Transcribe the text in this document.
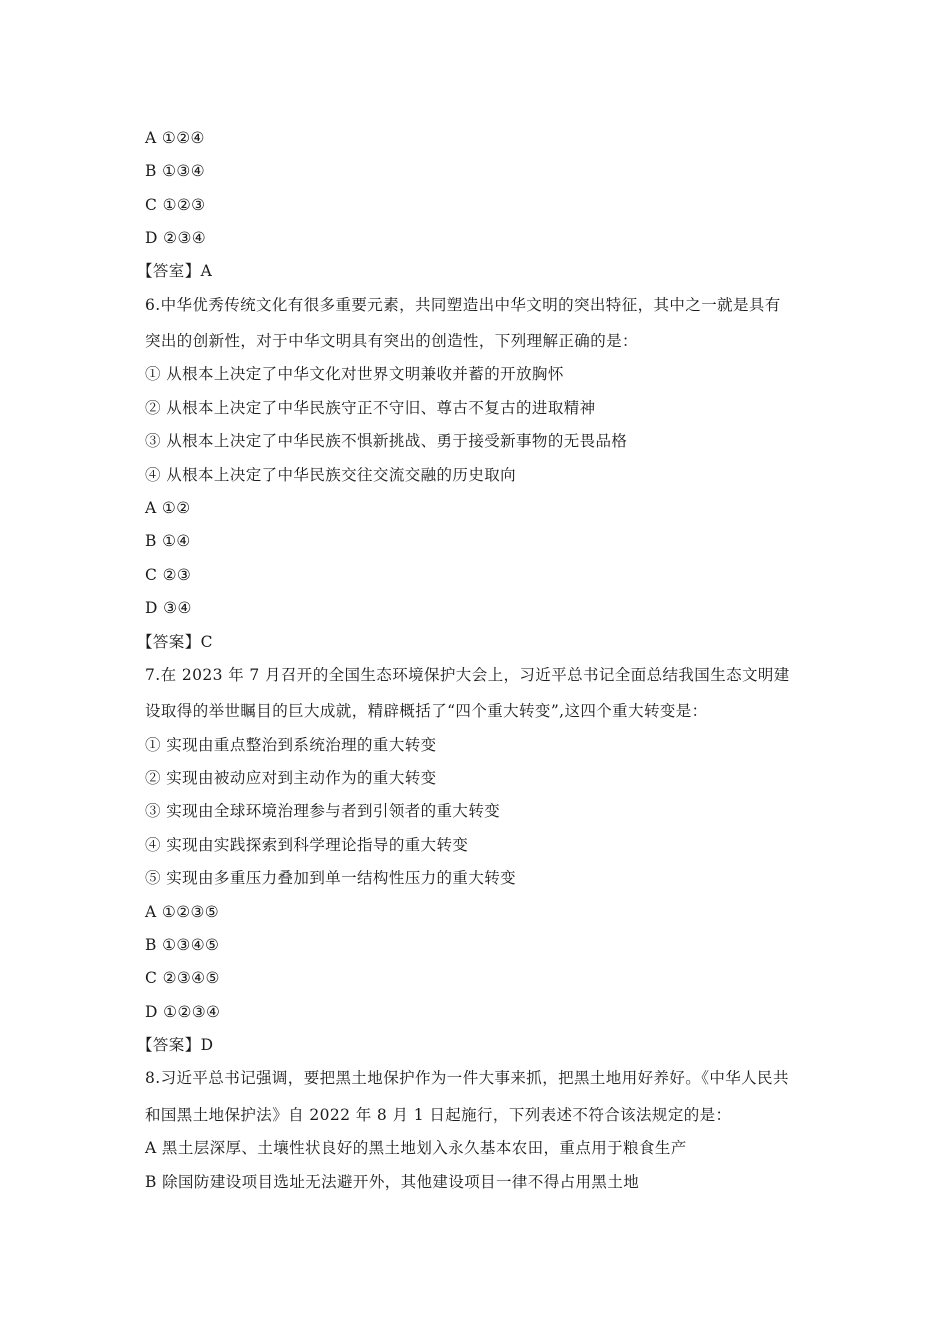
A ①②④
B ①③④
C ①②③
D ②③④
【答室】A
6.中华优秀传统文化有很多重要元素，共同塑造出中华文明的突出特征，其中之一就是具有
突出的创新性，对于中华文明具有突出的创造性，下列理解正确的是：
① 从根本上决定了中华文化对世界文明兼收并蓄的开放胸怀
② 从根本上决定了中华民族守正不守旧、尊古不复古的进取精神
③ 从根本上决定了中华民族不惧新挑战、勇于接受新事物的无畏品格
④ 从根本上决定了中华民族交往交流交融的历史取向
A ①②
B ①④
C ②③
D ③④
【答案】C
7.在 2023 年 7 月召开的全国生态环境保护大会上，习近平总书记全面总结我国生态文明建
设取得的举世瞩目的巨大成就，精辟概括了“四个重大转变”,这四个重大转变是：
① 实现由重点整治到系统治理的重大转变
② 实现由被动应对到主动作为的重大转变
③ 实现由全球环境治理参与者到引领者的重大转变
④ 实现由实践探索到科学理论指导的重大转变
⑤ 实现由多重压力叠加到单一结构性压力的重大转变
A ①②③⑤
B ①③④⑤
C ②③④⑤
D ①②③④
【答案】D
8.习近平总书记强调，要把黑土地保护作为一件大事来抓，把黑土地用好养好。《中华人民共
和国黑土地保护法》自 2022 年 8 月 1 日起施行，下列表述不符合该法规定的是：
A 黑土层深厚、土壤性状良好的黑土地划入永久基本农田，重点用于粮食生产
B 除国防建设项目选址无法避开外，其他建设项目一律不得占用黑土地
